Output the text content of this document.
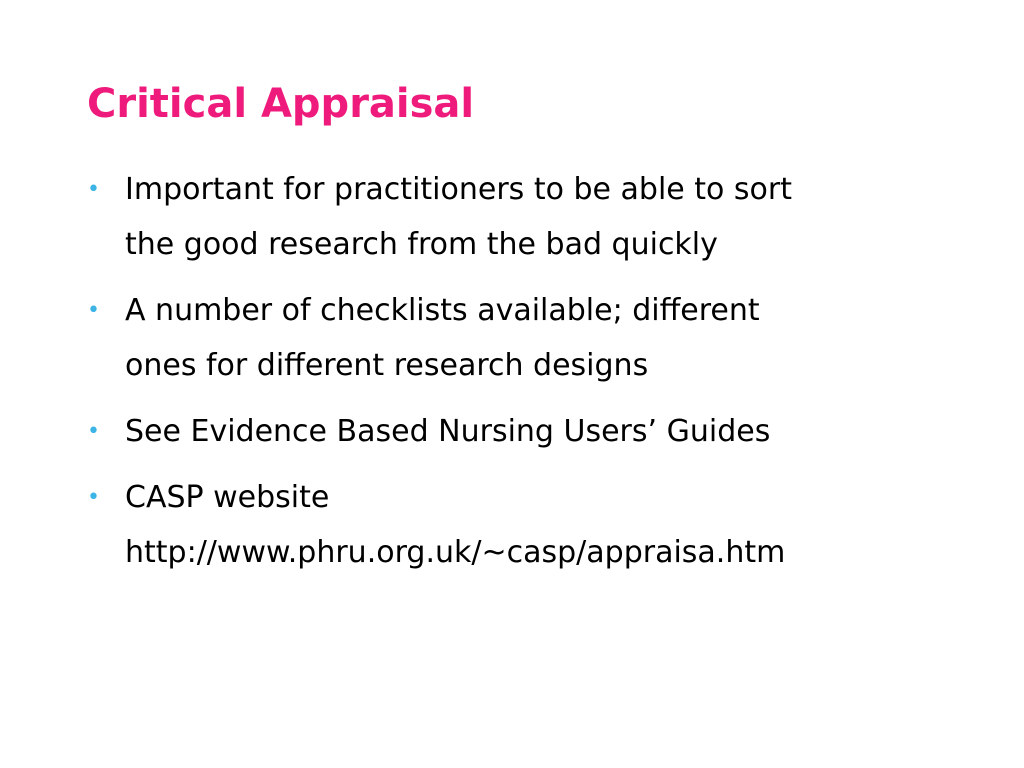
Critical Appraisal
• Important for practitioners to be able to sort
the good research from the bad quickly
• A number of checklists available; different
ones for different research designs
• See Evidence Based Nursing Users’ Guides
• CASP website
http://www.phru.org.uk/~casp/appraisa.htm
